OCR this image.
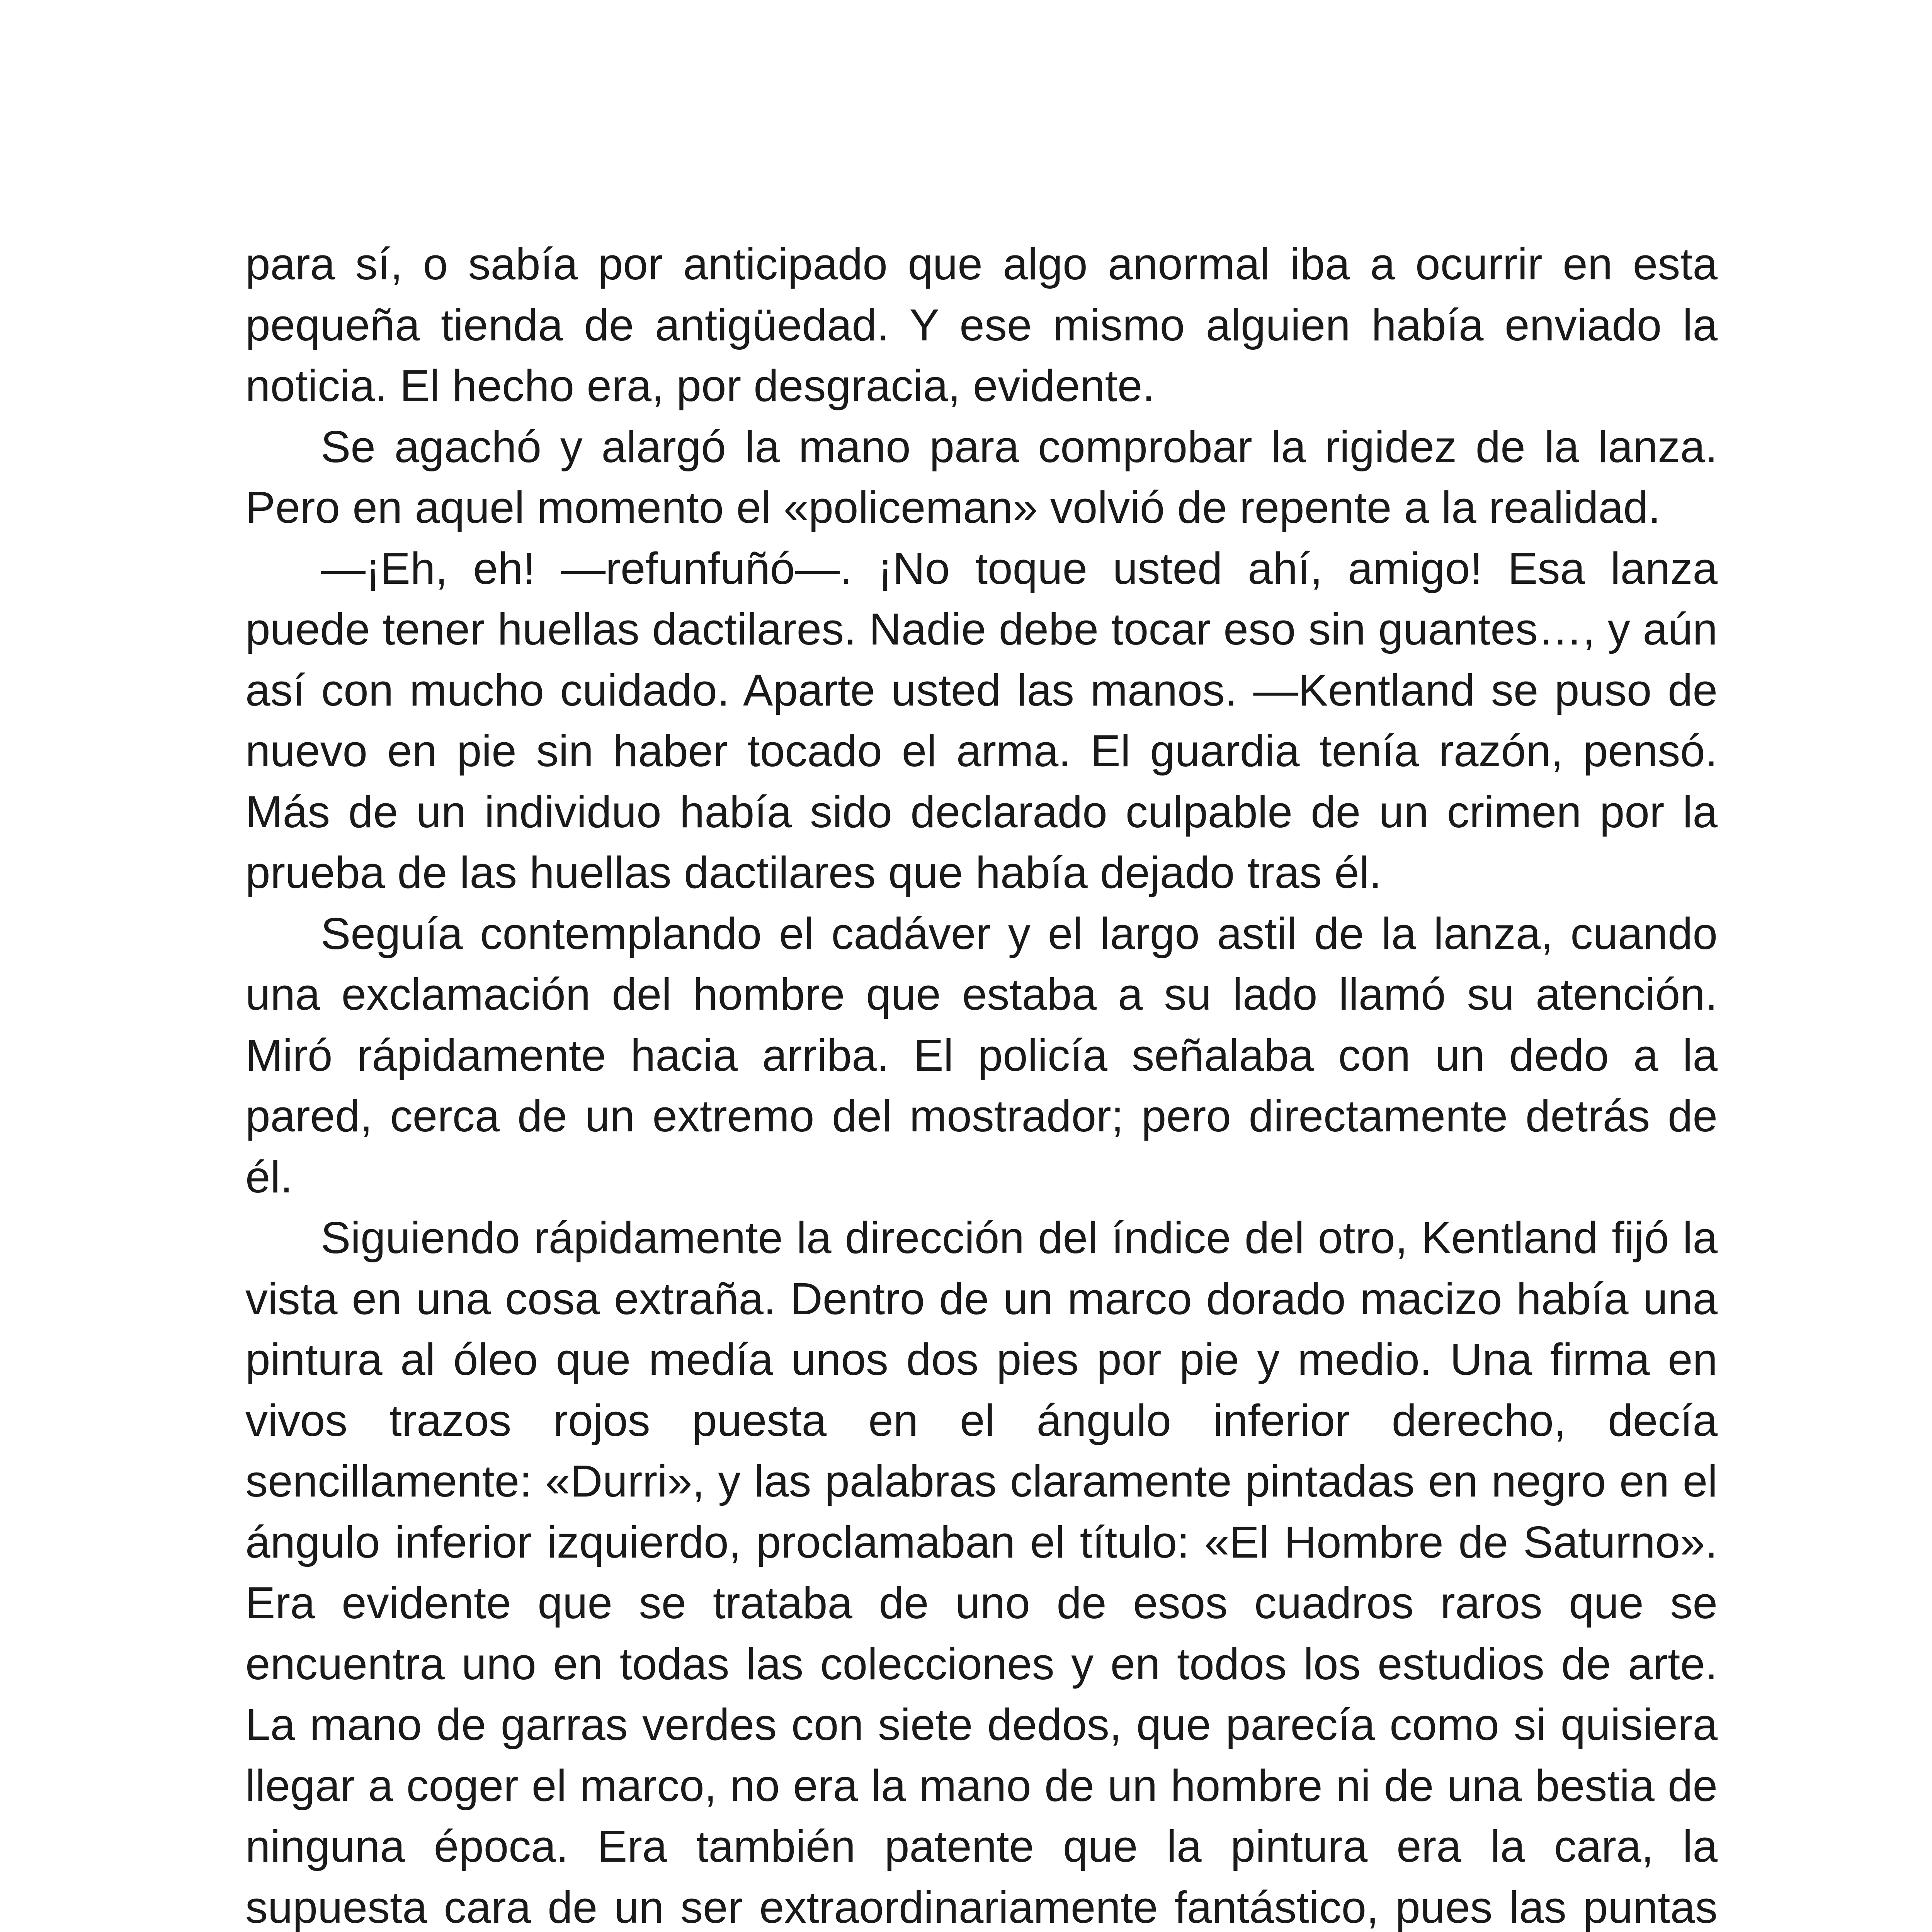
para sí, o sabía por anticipado que algo anormal iba a ocurrir en esta pequeña tienda de antigüedad. Y ese mismo alguien había enviado la noticia. El hecho era, por desgracia, evidente.

Se agachó y alargó la mano para comprobar la rigidez de la lanza. Pero en aquel momento el «policeman» volvió de repente a la realidad.

—¡Eh, eh! —refunfuñó—. ¡No toque usted ahí, amigo! Esa lanza puede tener huellas dactilares. Nadie debe tocar eso sin guantes…, y aún así con mucho cuidado. Aparte usted las manos. —Kentland se puso de nuevo en pie sin haber tocado el arma. El guardia tenía razón, pensó. Más de un individuo había sido declarado culpable de un crimen por la prueba de las huellas dactilares que había dejado tras él.

Seguía contemplando el cadáver y el largo astil de la lanza, cuando una exclamación del hombre que estaba a su lado llamó su atención. Miró rápidamente hacia arriba. El policía señalaba con un dedo a la pared, cerca de un extremo del mostrador; pero directamente detrás de él.

Siguiendo rápidamente la dirección del índice del otro, Kentland fijó la vista en una cosa extraña. Dentro de un marco dorado macizo había una pintura al óleo que medía unos dos pies por pie y medio. Una firma en vivos trazos rojos puesta en el ángulo inferior derecho, decía sencillamente: «Durri», y las palabras claramente pintadas en negro en el ángulo inferior izquierdo, proclamaban el título: «El Hombre de Saturno». Era evidente que se trataba de uno de esos cuadros raros que se encuentra uno en todas las colecciones y en todos los estudios de arte. La mano de garras verdes con siete dedos, que parecía como si quisiera llegar a coger el marco, no era la mano de un hombre ni de una bestia de ninguna época. Era también patente que la pintura era la cara, la supuesta cara de un ser extraordinariamente fantástico, pues las puntas
